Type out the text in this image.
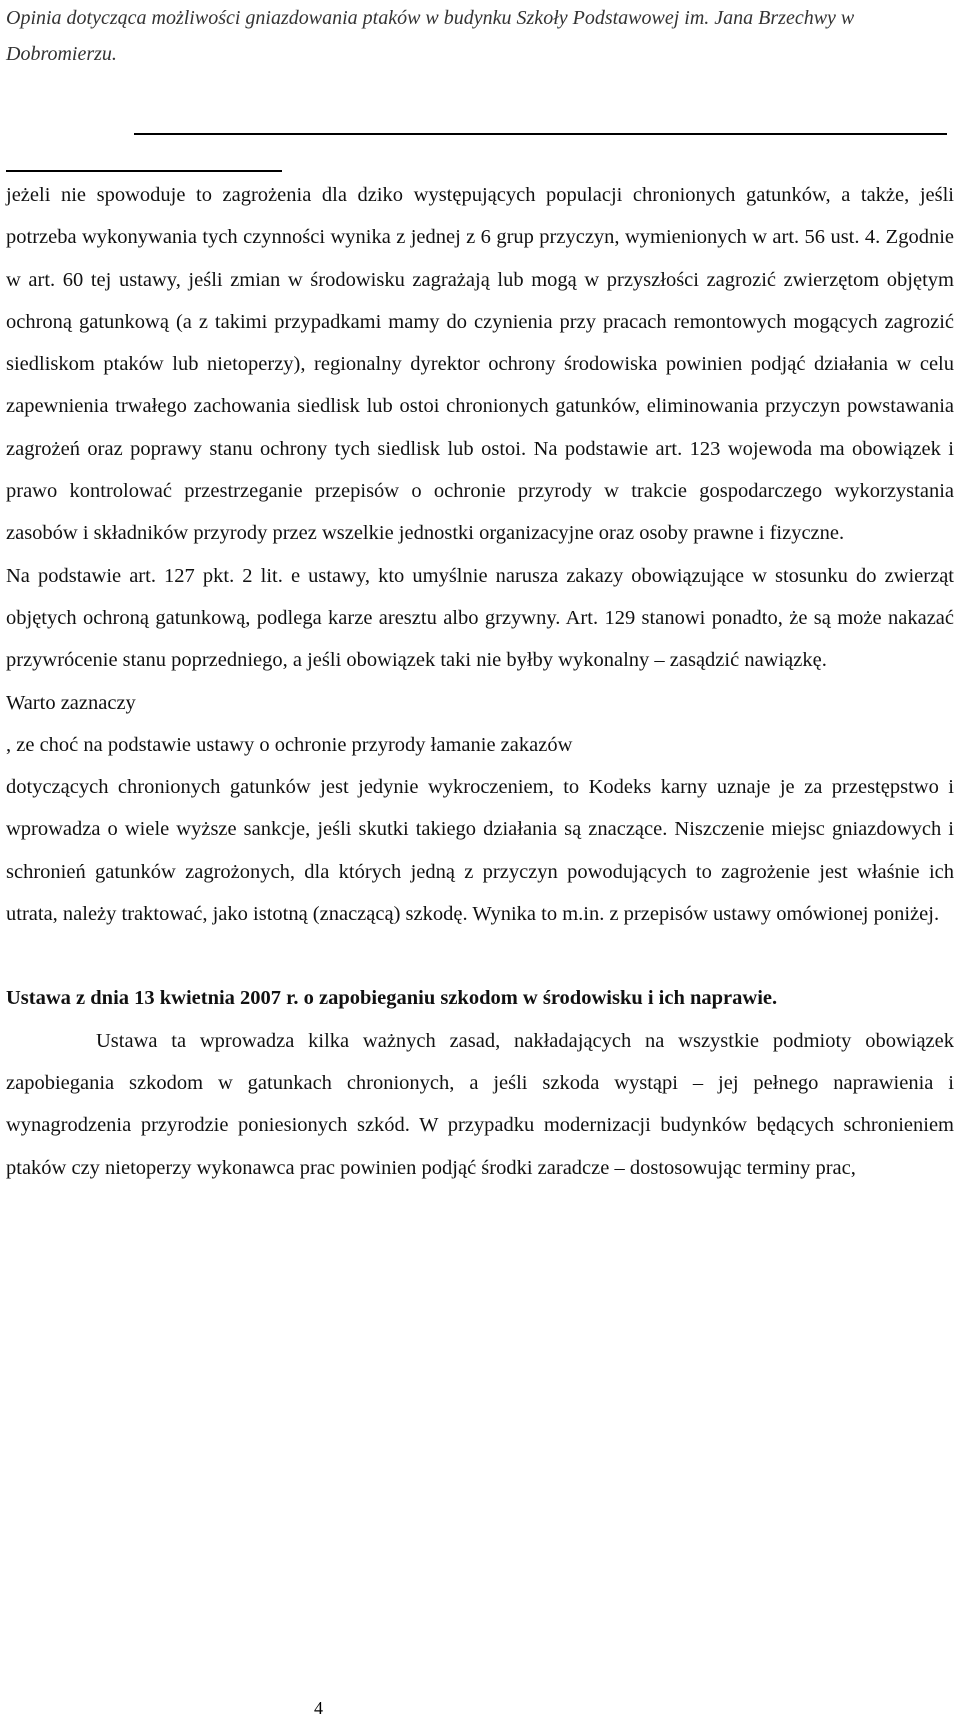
Opinia dotycząca możliwości gniazdowania ptaków w budynku Szkoły Podstawowej im. Jana Brzechwy w Dobromierzu.

jeżeli nie spowoduje to zagrożenia dla dziko występujących populacji chronionych gatunków, a także, jeśli potrzeba wykonywania tych czynności wynika z jednej z 6 grup przyczyn, wymienionych w art. 56 ust. 4. Zgodnie w art. 60 tej ustawy, jeśli zmian w środowisku zagrażają lub mogą w przyszłości zagrozić zwierzętom objętym ochroną gatunkową (a z takimi przypadkami mamy do czynienia przy pracach remontowych mogących zagrozić siedliskom ptaków lub nietoperzy), regionalny dyrektor ochrony środowiska powinien podjąć działania w celu zapewnienia trwałego zachowania siedlisk lub ostoi chronionych gatunków, eliminowania przyczyn powstawania zagrożeń oraz poprawy stanu ochrony tych siedlisk lub ostoi. Na podstawie art. 123 wojewoda ma obowiązek i prawo kontrolować przestrzeganie przepisów o ochronie przyrody w trakcie gospodarczego wykorzystania zasobów i składników przyrody przez wszelkie jednostki organizacyjne oraz osoby prawne i fizyczne.

Na podstawie art. 127 pkt. 2 lit. e ustawy, kto umyślnie narusza zakazy obowiązujące w stosunku do zwierząt objętych ochroną gatunkową, podlega karze aresztu albo grzywny. Art. 129 stanowi ponadto, że są może nakazać przywrócenie stanu poprzedniego, a jeśli obowiązek taki nie byłby wykonalny – zasądzić nawiązkę.

Warto zaznaczy

, ze choć na podstawie ustawy o ochronie przyrody łamanie zakazów

dotyczących chronionych gatunków jest jedynie wykroczeniem, to Kodeks karny uznaje je za przestępstwo i wprowadza o wiele wyższe sankcje, jeśli skutki takiego działania są znaczące. Niszczenie miejsc gniazdowych i schronień gatunków zagrożonych, dla których jedną z przyczyn powodujących to zagrożenie jest właśnie ich utrata, należy traktować, jako istotną (znaczącą) szkodę. Wynika to m.in. z przepisów ustawy omówionej poniżej.

Ustawa z dnia 13 kwietnia 2007 r. o zapobieganiu szkodom w środowisku i ich naprawie.

Ustawa ta wprowadza kilka ważnych zasad, nakładających na wszystkie podmioty obowiązek zapobiegania szkodom w gatunkach chronionych, a jeśli szkoda wystąpi – jej pełnego naprawienia i wynagrodzenia przyrodzie poniesionych szkód. W przypadku modernizacji budynków będących schronieniem ptaków czy nietoperzy wykonawca prac powinien podjąć środki zaradcze – dostosowując terminy prac,

4
